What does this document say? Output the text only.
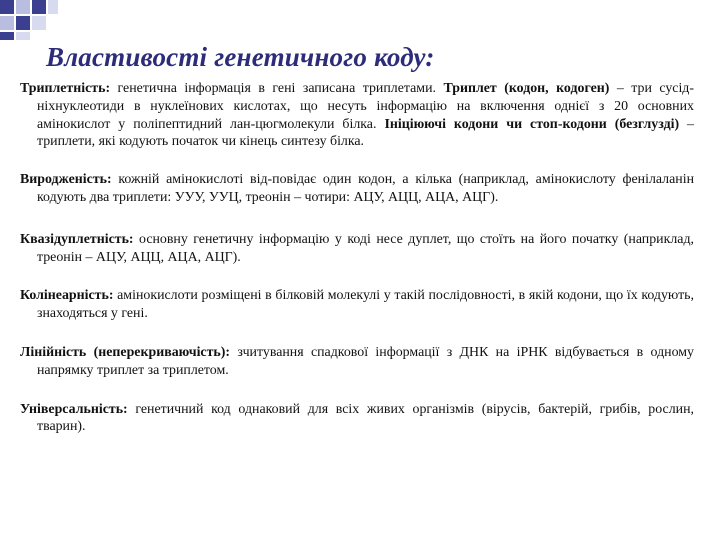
Властивості генетичного коду:

Триплетність: генетична інформація в гені записана триплетами. Триплет (кодон, кодоген) – три сусід-ніхнуклеотиди в нуклеїнових кислотах, що несуть інформацію на включення однієї з 20 основних амінокислот у поліпептидний лан-цюгмолекули білка. Ініціюючі кодони чи стоп-кодони (безглузді) – триплети, які кодують початок чи кінець синтезу білка.

Вироджeність: кожній амінокислоті від-повідає один кодон, а кілька (наприклад, амінокислоту фенілаланін кодують два триплети: УУУ, УУЦ, треонін – чотири: АЦУ, АЦЦ, АЦА, АЦГ).

Квазідуплетність: основну генетичну інформацію у коді несе дуплет, що стоїть на його початку (наприклад, треонін – АЦУ, АЦЦ, АЦА, АЦГ).

Колінеарність: амінокислоти розміщені в білковій молекулі у такій послідовності, в якій кодони, що їх кодують, знаходяться у гені.

Лінійність (неперекриваючість): зчитування спадкової інформації з ДНК на іРНК відбувається в одному напрямку триплет за триплетом.

Універсальність: генетичний код однаковий для всіх живих організмів (вірусів, бактерій, грибів, рослин, тварин).
